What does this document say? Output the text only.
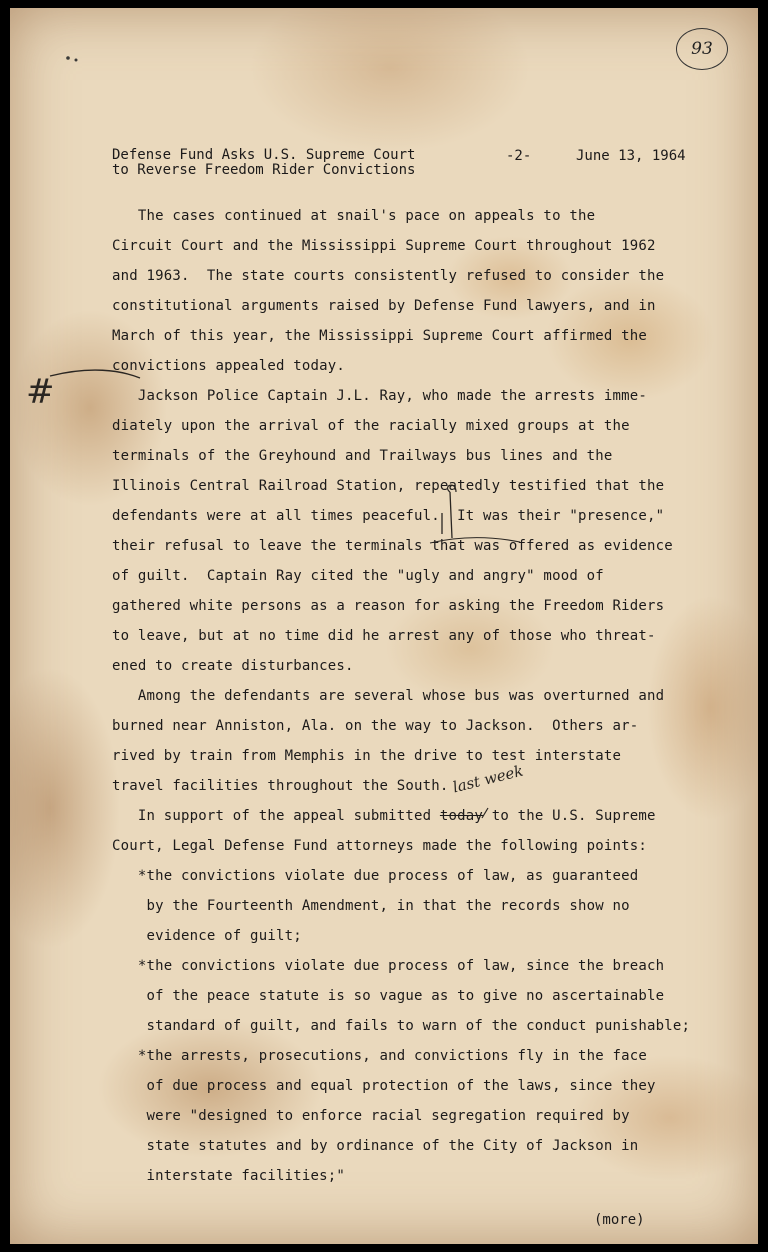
93
Defense Fund Asks U.S. Supreme Court
to Reverse Freedom Rider Convictions
-2-	June 13, 1964
The cases continued at snail's pace on appeals to the
Circuit Court and the Mississippi Supreme Court throughout 1962
and 1963.  The state courts consistently refused to consider the
constitutional arguments raised by Defense Fund lawyers, and in
March of this year, the Mississippi Supreme Court affirmed the
convictions appealed today.
Jackson Police Captain J.L. Ray, who made the arrests imme-
diately upon the arrival of the racially mixed groups at the
terminals of the Greyhound and Trailways bus lines and the
Illinois Central Railroad Station, repeatedly testified that the
defendants were at all times peaceful.  It was their "presence,"
their refusal to leave the terminals that was offered as evidence
of guilt.  Captain Ray cited the "ugly and angry" mood of
gathered white persons as a reason for asking the Freedom Riders
to leave, but at no time did he arrest any of those who threat-
ened to create disturbances.
Among the defendants are several whose bus was overturned and
burned near Anniston, Ala. on the way to Jackson.  Others ar-
rived by train from Memphis in the drive to test interstate
travel facilities throughout the South.
In support of the appeal submitted today to the U.S. Supreme
Court, Legal Defense Fund attorneys made the following points:
*the convictions violate due process of law, as guaranteed
by the Fourteenth Amendment, in that the records show no
evidence of guilt;
*the convictions violate due process of law, since the breach
of the peace statute is so vague as to give no ascertainable
standard of guilt, and fails to warn of the conduct punishable;
*the arrests, prosecutions, and convictions fly in the face
of due process and equal protection of the laws, since they
were "designed to enforce racial segregation required by
state statutes and by ordinance of the City of Jackson in
interstate facilities;"
last week
#
(more)
